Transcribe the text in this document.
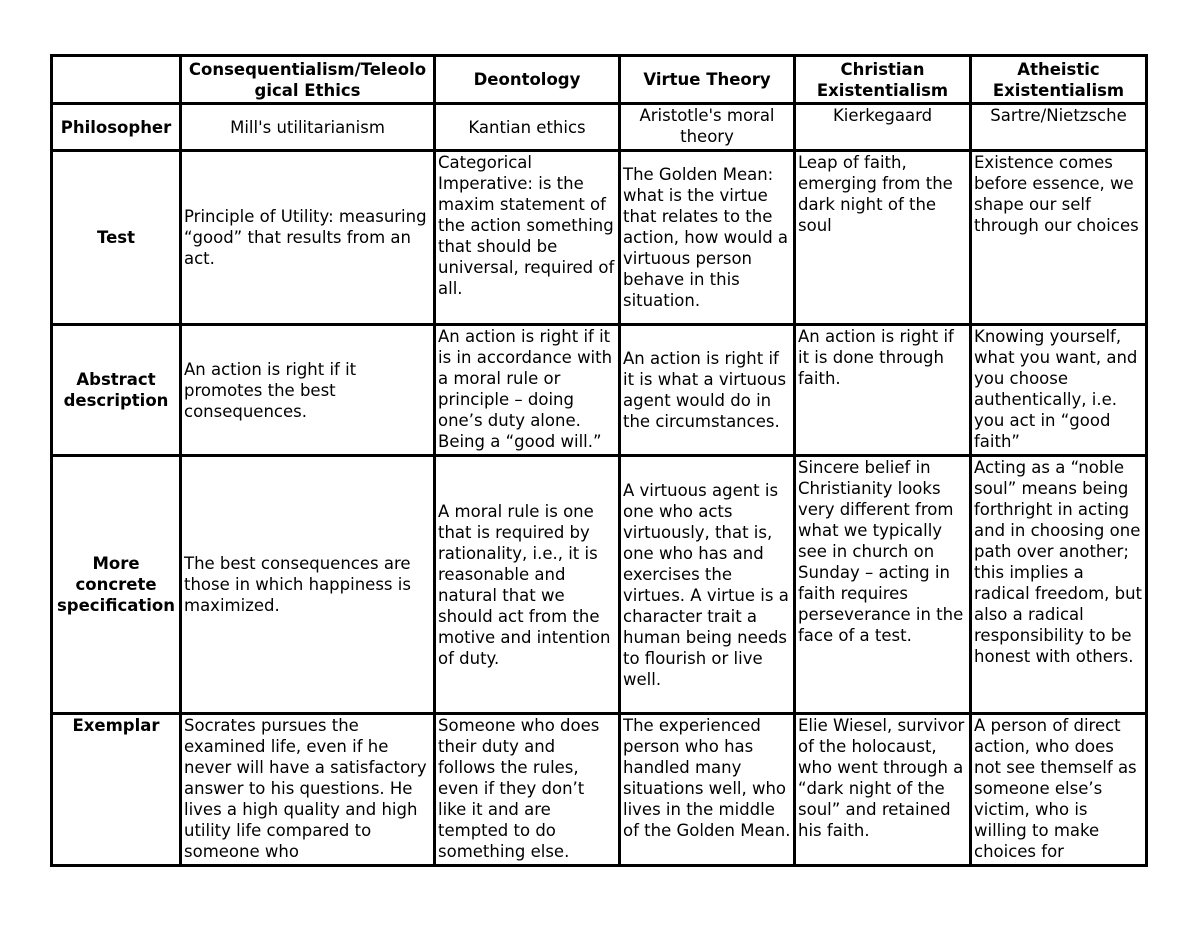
	Consequentialism/Teleological Ethics	Deontology	Virtue Theory	Christian Existentialism	Atheistic Existentialism
Philosopher	Mill's utilitarianism	Kantian ethics	Aristotle's moral theory	Kierkegaard	Sartre/Nietzsche
Test	Principle of Utility: measuring “good” that results from an act.	Categorical Imperative: is the maxim statement of the action something that should be universal, required of all.	The Golden Mean: what is the virtue that relates to the action, how would a virtuous person behave in this situation.	Leap of faith, emerging from the dark night of the soul	Existence comes before essence, we shape our self through our choices
Abstract description	An action is right if it promotes the best consequences.	An action is right if it is in accordance with a moral rule or principle – doing one’s duty alone. Being a “good will.”	An action is right if it is what a virtuous agent would do in the circumstances.	An action is right if it is done through faith.	Knowing yourself, what you want, and you choose authentically, i.e. you act in “good faith”
More concrete specification	The best consequences are those in which happiness is maximized.	A moral rule is one that is required by rationality, i.e., it is reasonable and natural that we should act from the motive and intention of duty.	A virtuous agent is one who acts virtuously, that is, one who has and exercises the virtues. A virtue is a character trait a human being needs to flourish or live well.	Sincere belief in Christianity looks very different from what we typically see in church on Sunday – acting in faith requires perseverance in the face of a test.	Acting as a “noble soul” means being forthright in acting and in choosing one path over another; this implies a radical freedom, but also a radical responsibility to be honest with others.
Exemplar	Socrates pursues the examined life, even if he never will have a satisfactory answer to his questions. He lives a high quality and high utility life compared to someone who	Someone who does their duty and follows the rules, even if they don’t like it and are tempted to do something else.	The experienced person who has handled many situations well, who lives in the middle of the Golden Mean.	Elie Wiesel, survivor of the holocaust, who went through a “dark night of the soul” and retained his faith.	A person of direct action, who does not see themself as someone else’s victim, who is willing to make choices for
